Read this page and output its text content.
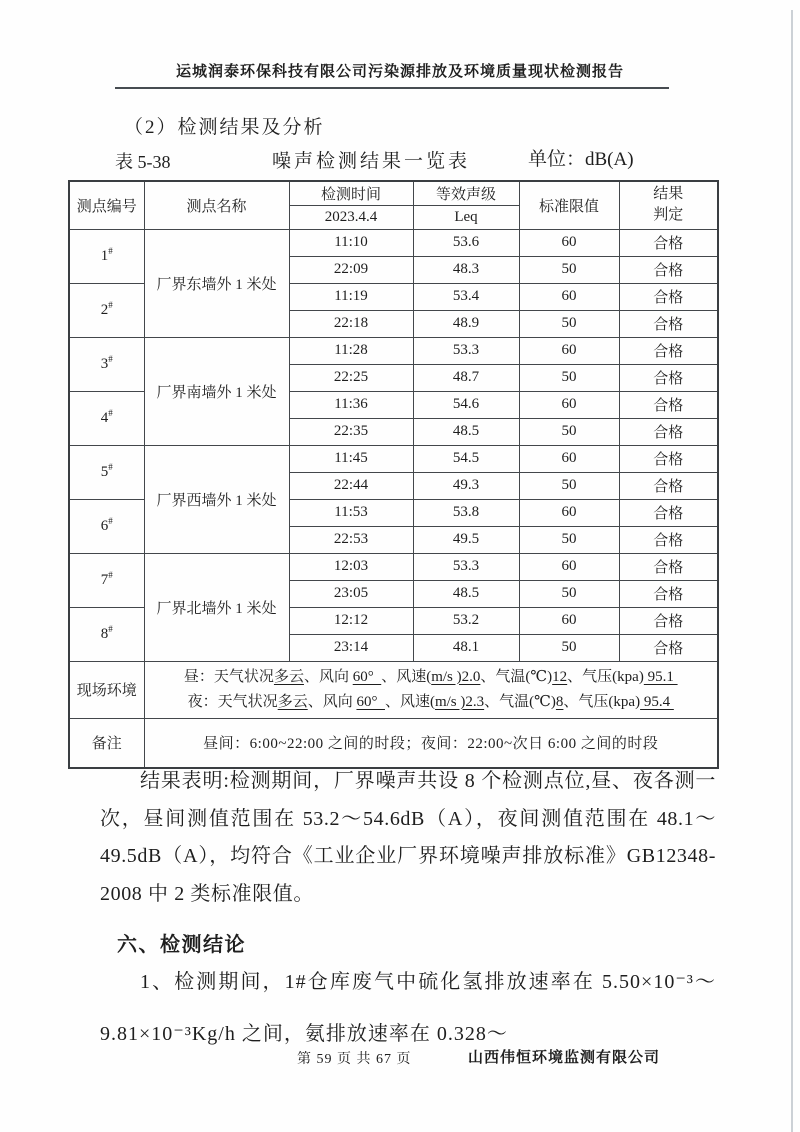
运城润泰环保科技有限公司污染源排放及环境质量现状检测报告
（2）检测结果及分析
表 5-38	噪声检测结果一览表	单位：dB(A)
测点编号	测点名称	检测时间	等效声级	标准限值	结果
判定

		2023.4.4	Leq		
1#	厂界东墙外 1 米处	11:10	53.6	60	合格
		22:09	48.3	50	合格
2#		11:19	53.4	60	合格
		22:18	48.9	50	合格
3#	厂界南墙外 1 米处	11:28	53.3	60	合格
		22:25	48.7	50	合格
4#		11:36	54.6	60	合格
		22:35	48.5	50	合格
5#	厂界西墙外 1 米处	11:45	54.5	60	合格
		22:44	49.3	50	合格
6#		11:53	53.8	60	合格
		22:53	49.5	50	合格
7#	厂界北墙外 1 米处	12:03	53.3	60	合格
		23:05	48.5	50	合格
8#		12:12	53.2	60	合格
		23:14	48.1	50	合格
现场环境	昼：天气状况多云、风向 60°  、风速(m/s )2.0、气温(℃)12、气压(kpa) 95.1
夜：天气状况多云、风向 60°  、风速(m/s )2.3、气温(℃)8、气压(kpa) 95.4				

备注	昼间：6:00~22:00 之间的时段；夜间：22:00~次日 6:00 之间的时段				
结果表明:检测期间，厂界噪声共设 8 个检测点位,昼、夜各测一次，昼间测值范围在 53.2～54.6dB（A），夜间测值范围在 48.1～49.5dB（A），均符合《工业企业厂界环境噪声排放标准》GB12348-2008 中 2 类标准限值。
六、检测结论
1、检测期间，1#仓库废气中硫化氢排放速率在 5.50×10⁻³～9.81×10⁻³Kg/h 之间，氨排放速率在 0.328～
第 59 页 共 67 页	山西伟恒环境监测有限公司
